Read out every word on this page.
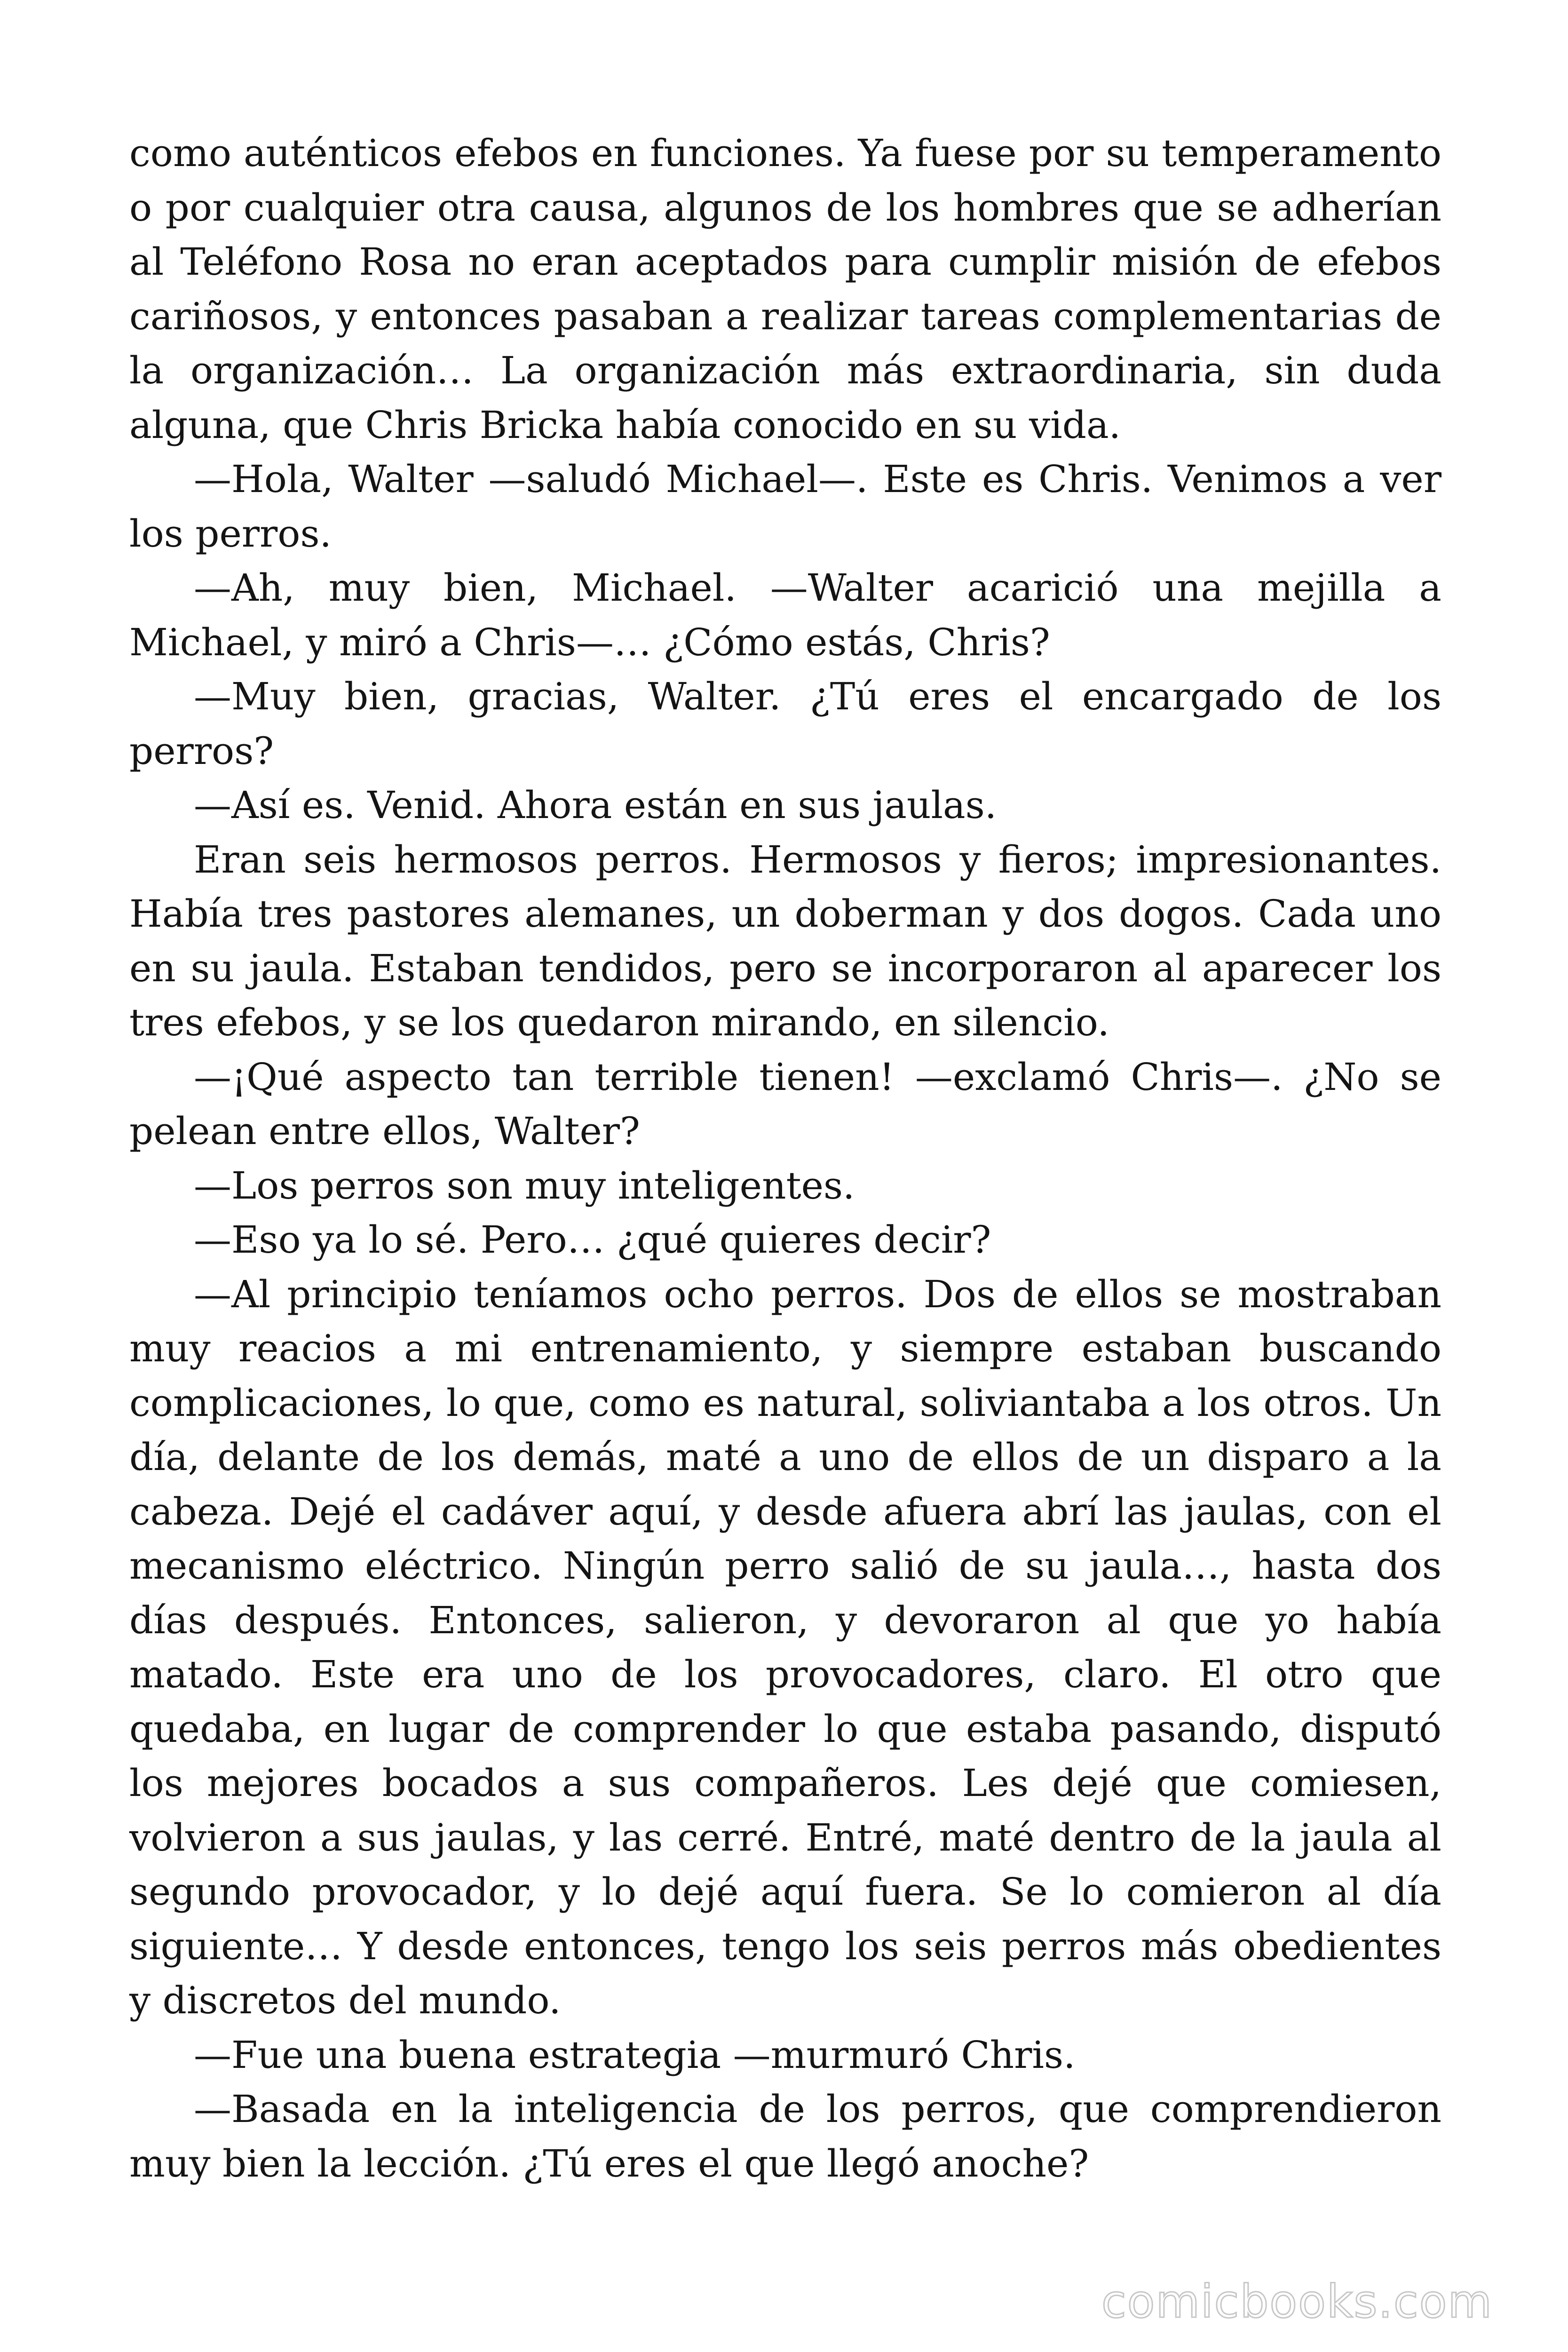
como auténticos efebos en funciones. Ya fuese por su temperamento o por cualquier otra causa, algunos de los hombres que se adherían al Teléfono Rosa no eran aceptados para cumplir misión de efebos cariñosos, y entonces pasaban a realizar tareas complementarias de la organización… La organización más extraordinaria, sin duda alguna, que Chris Bricka había conocido en su vida.

—Hola, Walter —saludó Michael—. Este es Chris. Venimos a ver los perros.

—Ah, muy bien, Michael. —Walter acarició una mejilla a Michael, y miró a Chris—… ¿Cómo estás, Chris?

—Muy bien, gracias, Walter. ¿Tú eres el encargado de los perros?

—Así es. Venid. Ahora están en sus jaulas.

Eran seis hermosos perros. Hermosos y fieros; impresionantes. Había tres pastores alemanes, un doberman y dos dogos. Cada uno en su jaula. Estaban tendidos, pero se incorporaron al aparecer los tres efebos, y se los quedaron mirando, en silencio.

—¡Qué aspecto tan terrible tienen! —exclamó Chris—. ¿No se pelean entre ellos, Walter?

—Los perros son muy inteligentes.

—Eso ya lo sé. Pero… ¿qué quieres decir?

—Al principio teníamos ocho perros. Dos de ellos se mostraban muy reacios a mi entrenamiento, y siempre estaban buscando complicaciones, lo que, como es natural, soliviantaba a los otros. Un día, delante de los demás, maté a uno de ellos de un disparo a la cabeza. Dejé el cadáver aquí, y desde afuera abrí las jaulas, con el mecanismo eléctrico. Ningún perro salió de su jaula…, hasta dos días después. Entonces, salieron, y devoraron al que yo había matado. Este era uno de los provocadores, claro. El otro que quedaba, en lugar de comprender lo que estaba pasando, disputó los mejores bocados a sus compañeros. Les dejé que comiesen, volvieron a sus jaulas, y las cerré. Entré, maté dentro de la jaula al segundo provocador, y lo dejé aquí fuera. Se lo comieron al día siguiente… Y desde entonces, tengo los seis perros más obedientes y discretos del mundo.

—Fue una buena estrategia —murmuró Chris.

—Basada en la inteligencia de los perros, que comprendieron muy bien la lección. ¿Tú eres el que llegó anoche?

comicbooks.com
